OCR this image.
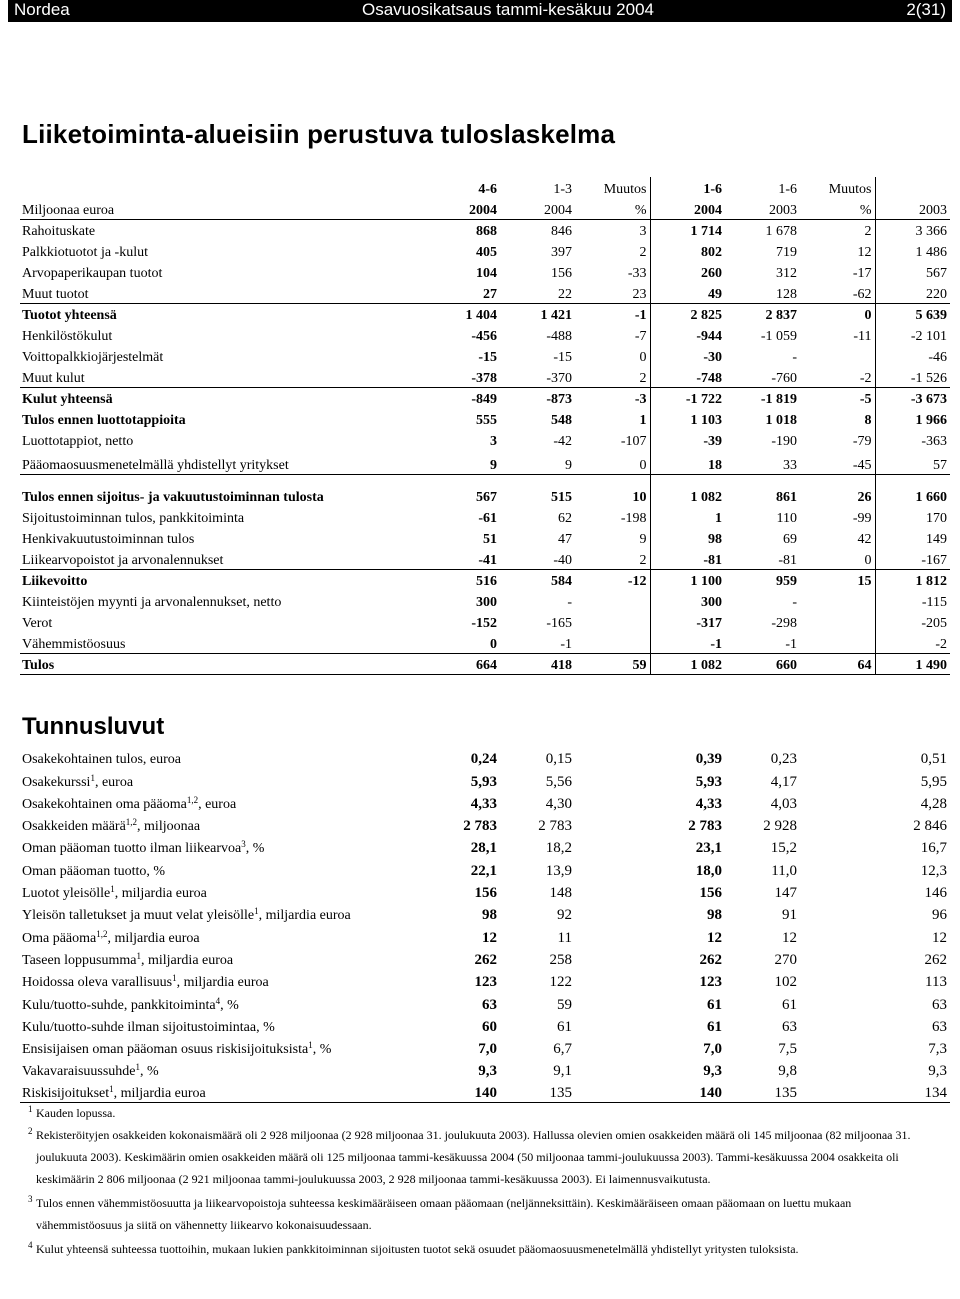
Nordea	Osavuosikatsaus tammi-kesäkuu 2004	2(31)
Liiketoiminta-alueisiin perustuva tuloslaskelma
	4-6	1-3	Muutos	1-6	1-6	Muutos	
Miljoonaa euroa	2004	2004	%	2004	2003	%	2003
Rahoituskate	868	846	3	1 714	1 678	2	3 366
Palkkiotuotot ja -kulut	405	397	2	802	719	12	1 486
Arvopaperikaupan tuotot	104	156	-33	260	312	-17	567
Muut tuotot	27	22	23	49	128	-62	220
Tuotot yhteensä	1 404	1 421	-1	2 825	2 837	0	5 639
Henkilöstökulut	-456	-488	-7	-944	-1 059	-11	-2 101
Voittopalkkiojärjestelmät	-15	-15	0	-30	-		-46
Muut kulut	-378	-370	2	-748	-760	-2	-1 526
Kulut yhteensä	-849	-873	-3	-1 722	-1 819	-5	-3 673
Tulos ennen luottotappioita	555	548	1	1 103	1 018	8	1 966
Luottotappiot, netto	3	-42	-107	-39	-190	-79	-363
Pääomaosuusmenetelmällä yhdistellyt yritykset	9	9	0	18	33	-45	57
Tulos ennen sijoitus- ja vakuutustoiminnan tulosta	567	515	10	1 082	861	26	1 660
Sijoitustoiminnan tulos, pankkitoiminta	-61	62	-198	1	110	-99	170
Henkivakuutustoiminnan tulos	51	47	9	98	69	42	149
Liikearvopoistot ja arvonalennukset	-41	-40	2	-81	-81	0	-167
Liikevoitto	516	584	-12	1 100	959	15	1 812
Kiinteistöjen myynti ja arvonalennukset, netto	300	-		300	-		-115
Verot	-152	-165		-317	-298		-205
Vähemmistöosuus	0	-1		-1	-1		-2
Tulos	664	418	59	1 082	660	64	1 490
Tunnusluvut
Osakekohtainen tulos, euroa	0,24	0,15		0,39	0,23		0,51
Osakekurssi$^1$, euroa	5,93	5,56		5,93	4,17		5,95
Osakekohtainen oma pääoma$^{1,2}$, euroa	4,33	4,30		4,33	4,03		4,28
Osakkeiden määrä$^{1,2}$, miljoonaa	2 783	2 783		2 783	2 928		2 846
Oman pääoman tuotto ilman liikearvoa$^3$, %	28,1	18,2		23,1	15,2		16,7
Oman pääoman tuotto, %	22,1	13,9		18,0	11,0		12,3
Luotot yleisölle$^1$, miljardia euroa	156	148		156	147		146
Yleisön talletukset ja muut velat yleisölle$^1$, miljardia euroa	98	92		98	91		96
Oma pääoma$^{1,2}$, miljardia euroa	12	11		12	12		12
Taseen loppusumma$^1$, miljardia euroa	262	258		262	270		262
Hoidossa oleva varallisuus$^1$, miljardia euroa	123	122		123	102		113
Kulu/tuotto-suhde, pankkitoiminta$^4$, %	63	59		61	61		63
Kulu/tuotto-suhde ilman sijoitustoimintaa, %	60	61		61	63		63
Ensisijaisen oman pääoman osuus riskisijoituksista$^1$, %	7,0	6,7		7,0	7,5		7,3
Vakavaraisuussuhde$^1$, %	9,3	9,1		9,3	9,8		9,3
Riskisijoitukset$^1$, miljardia euroa	140	135		140	135		134
1 Kauden lopussa.

2 Rekisteröityjen osakkeiden kokonaismäärä oli 2 928 miljoonaa (2 928 miljoonaa 31. joulukuuta 2003). Hallussa olevien omien osakkeiden määrä oli 145 miljoonaa (82 miljoonaa 31. joulukuuta 2003). Keskimäärin omien osakkeiden määrä oli 125 miljoonaa tammi-kesäkuussa 2004 (50 miljoonaa tammi-joulukuussa 2003). Tammi-kesäkuussa 2004 osakkeita oli keskimäärin 2 806 miljoonaa (2 921 miljoonaa tammi-joulukuussa 2003, 2 928 miljoonaa tammi-kesäkuussa 2003). Ei laimennusvaikutusta.

3 Tulos ennen vähemmistöosuutta ja liikearvopoistoja suhteessa keskimääräiseen omaan pääomaan (neljänneksittäin). Keskimääräiseen omaan pääomaan on luettu mukaan vähemmistöosuus ja siitä on vähennetty liikearvo kokonaisuudessaan.

4 Kulut yhteensä suhteessa tuottoihin, mukaan lukien pankkitoiminnan sijoitusten tuotot sekä osuudet pääomaosuusmenetelmällä yhdistellyt yritysten tuloksista.
